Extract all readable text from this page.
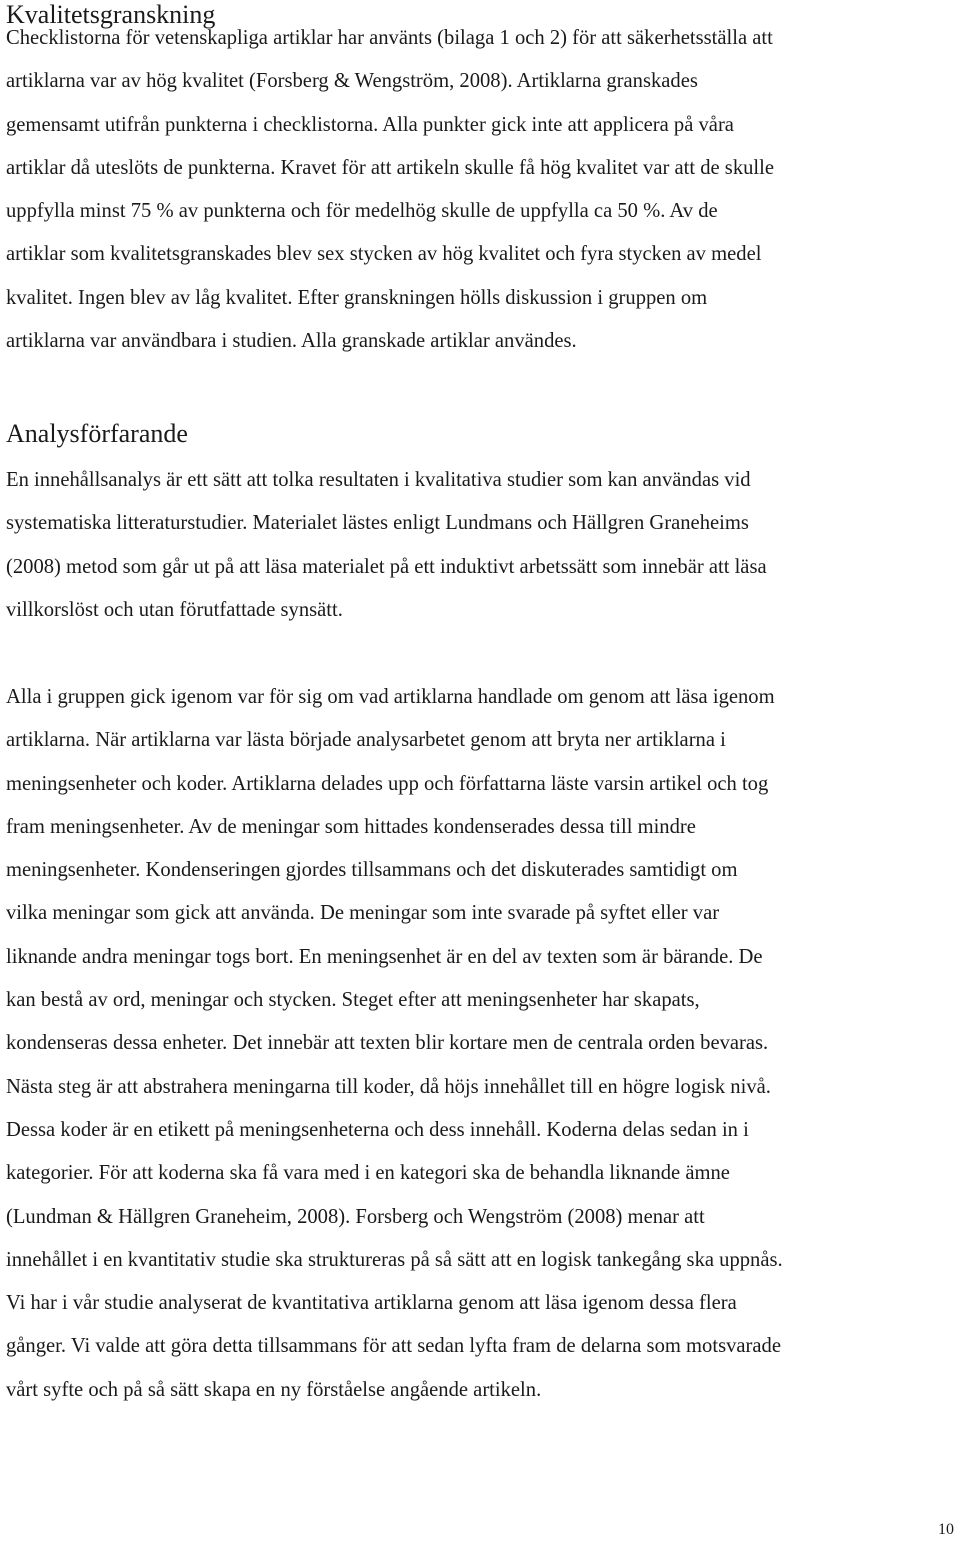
Kvalitetsgranskning

Checklistorna för vetenskapliga artiklar har använts (bilaga 1 och 2) för att säkerhetsställa att
artiklarna var av hög kvalitet (Forsberg & Wengström, 2008). Artiklarna granskades
gemensamt utifrån punkterna i checklistorna. Alla punkter gick inte att applicera på våra
artiklar då uteslöts de punkterna. Kravet för att artikeln skulle få hög kvalitet var att de skulle
uppfylla minst 75 % av punkterna och för medelhög skulle de uppfylla ca 50 %. Av de
artiklar som kvalitetsgranskades blev sex stycken av hög kvalitet och fyra stycken av medel
kvalitet. Ingen blev av låg kvalitet. Efter granskningen hölls diskussion i gruppen om
artiklarna var användbara i studien. Alla granskade artiklar användes.

Analysförfarande

En innehållsanalys är ett sätt att tolka resultaten i kvalitativa studier som kan användas vid
systematiska litteraturstudier. Materialet lästes enligt Lundmans och Hällgren Graneheims
(2008) metod som går ut på att läsa materialet på ett induktivt arbetssätt som innebär att läsa
villkorslöst och utan förutfattade synsätt.

Alla i gruppen gick igenom var för sig om vad artiklarna handlade om genom att läsa igenom
artiklarna. När artiklarna var lästa började analysarbetet genom att bryta ner artiklarna i
meningsenheter och koder. Artiklarna delades upp och författarna läste varsin artikel och tog
fram meningsenheter. Av de meningar som hittades kondenserades dessa till mindre
meningsenheter. Kondenseringen gjordes tillsammans och det diskuterades samtidigt om
vilka meningar som gick att använda. De meningar som inte svarade på syftet eller var
liknande andra meningar togs bort. En meningsenhet är en del av texten som är bärande. De
kan bestå av ord, meningar och stycken. Steget efter att meningsenheter har skapats,
kondenseras dessa enheter. Det innebär att texten blir kortare men de centrala orden bevaras.
Nästa steg är att abstrahera meningarna till koder, då höjs innehållet till en högre logisk nivå.
Dessa koder är en etikett på meningsenheterna och dess innehåll. Koderna delas sedan in i
kategorier. För att koderna ska få vara med i en kategori ska de behandla liknande ämne
(Lundman & Hällgren Graneheim, 2008). Forsberg och Wengström (2008) menar att
innehållet i en kvantitativ studie ska struktureras på så sätt att en logisk tankegång ska uppnås.
Vi har i vår studie analyserat de kvantitativa artiklarna genom att läsa igenom dessa flera
gånger. Vi valde att göra detta tillsammans för att sedan lyfta fram de delarna som motsvarade
vårt syfte och på så sätt skapa en ny förståelse angående artikeln.

10
